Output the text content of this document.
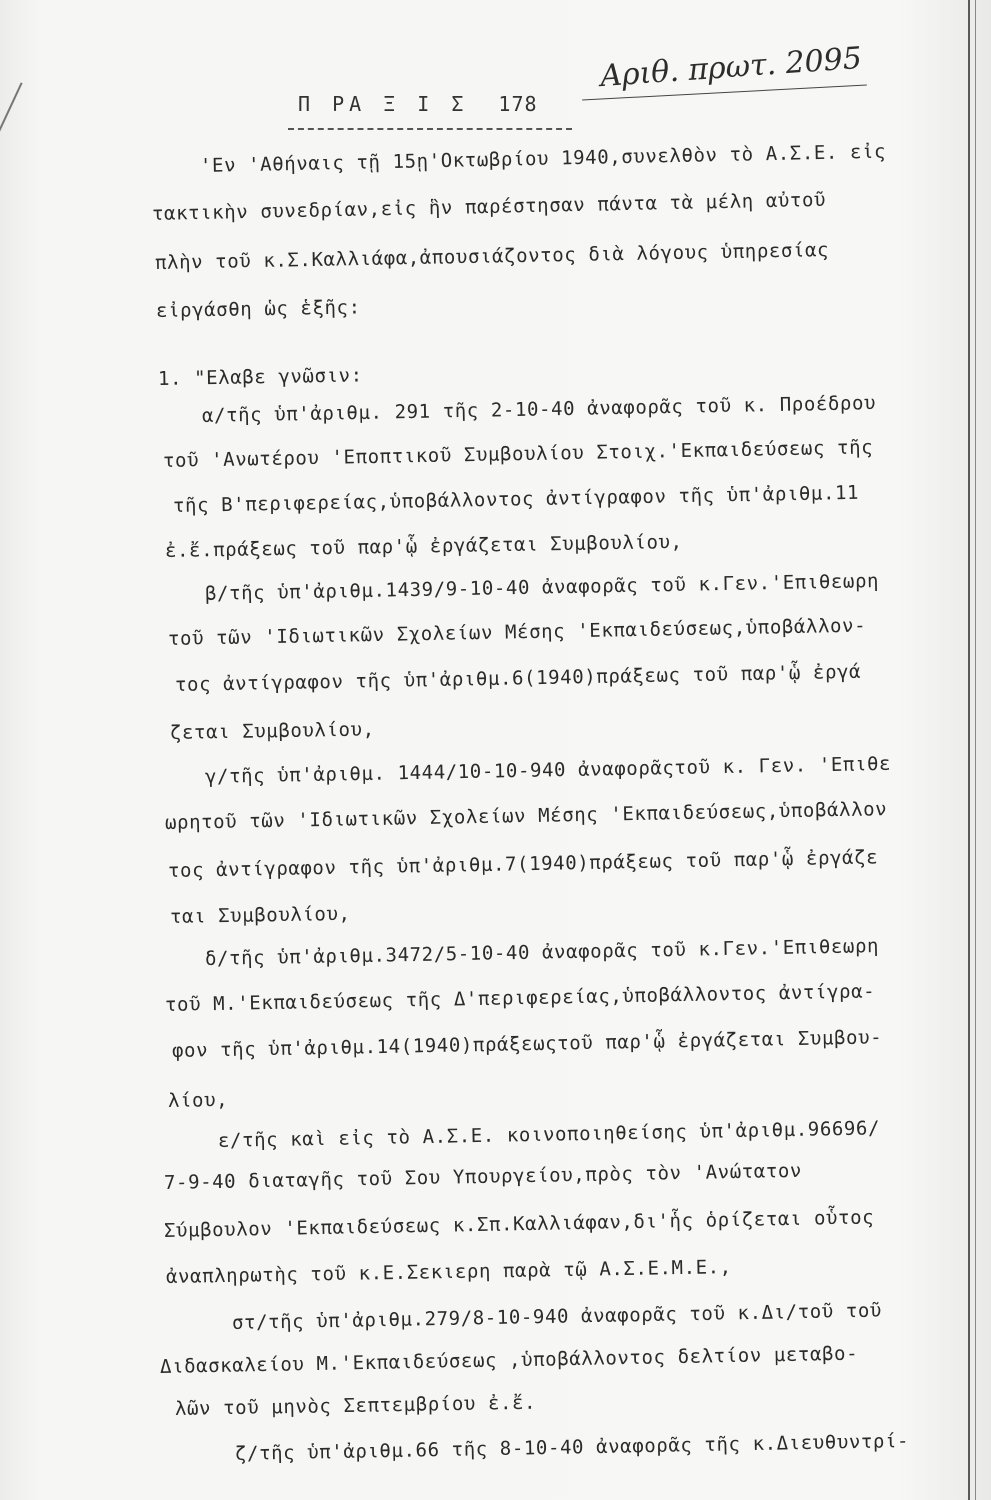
Π ΡΑ Ξ Ι Σ 178
Αριθ. πρωτ. 2095
'Εν 'Αθήναις τῇ 15ῃ'Οκτωβρίου 1940,συνελθὸν τὸ Α.Σ.Ε. εἰς
τακτικὴν συνεδρίαν,εἰς ἣν παρέστησαν πάντα τὰ μέλη αὐτοῦ
πλὴν τοῦ κ.Σ.Καλλιάφα,ἀπουσιάζοντος διὰ λόγους ὑπηρεσίας
εἰργάσθη ὡς ἑξῆς:
1. "Ελαβε γνῶσιν:
α/τῆς ὑπ'ἀριθμ. 291 τῆς 2-10-40 ἀναφορᾶς τοῦ κ. Προέδρου
τοῦ 'Ανωτέρου 'Εποπτικοῦ Συμβουλίου Στοιχ.'Εκπαιδεύσεως τῆς
τῆς Β'περιφερείας,ὑποβάλλοντος ἀντίγραφον τῆς ὑπ'ἀριθμ.11
ἐ.ἔ.πράξεως τοῦ παρ'ᾧ ἐργάζεται Συμβουλίου,
β/τῆς ὑπ'ἀριθμ.1439/9-10-40 ἀναφορᾶς τοῦ κ.Γεν.'Επιθεωρη
τοῦ τῶν 'Ιδιωτικῶν Σχολείων Μέσης 'Εκπαιδεύσεως,ὑποβάλλον-
τος ἀντίγραφον τῆς ὑπ'ἀριθμ.6(1940)πράξεως τοῦ παρ'ᾧ ἐργά
ζεται Συμβουλίου,
γ/τῆς ὑπ'ἀριθμ. 1444/10-10-940 ἀναφορᾶςτοῦ κ. Γεν. 'Επιθε
ωρητοῦ τῶν 'Ιδιωτικῶν Σχολείων Μέσης 'Εκπαιδεύσεως,ὑποβάλλον
τος ἀντίγραφον τῆς ὑπ'ἀριθμ.7(1940)πράξεως τοῦ παρ'ᾧ ἐργάζε
ται Συμβουλίου,
δ/τῆς ὑπ'ἀριθμ.3472/5-10-40 ἀναφορᾶς τοῦ κ.Γεν.'Επιθεωρη
τοῦ Μ.'Εκπαιδεύσεως τῆς Δ'περιφερείας,ὑποβάλλοντος ἀντίγρα-
φον τῆς ὑπ'ἀριθμ.14(1940)πράξεωςτοῦ παρ'ᾧ ἐργάζεται Συμβου-
λίου,
ε/τῆς καὶ εἰς τὸ Α.Σ.Ε. κοινοποιηθείσης ὑπ'ἀριθμ.96696/
7-9-40 διαταγῆς τοῦ Σου Υπουργείου,πρὸς τὸν 'Ανώτατον
Σύμβουλον 'Εκπαιδεύσεως κ.Σπ.Καλλιάφαν,δι'ἧς ὁρίζεται οὗτος
ἀναπληρωτὴς τοῦ κ.Ε.Σεκιερη παρὰ τῷ Α.Σ.Ε.Μ.Ε.,
στ/τῆς ὑπ'ἀριθμ.279/8-10-940 ἀναφορᾶς τοῦ κ.Δι/τοῦ τοῦ
Διδασκαλείου Μ.'Εκπαιδεύσεως ,ὑποβάλλοντος δελτίον μεταβο-
λῶν τοῦ μηνὸς Σεπτεμβρίου ἐ.ἔ.
ζ/τῆς ὑπ'ἀριθμ.66 τῆς 8-10-40 ἀναφορᾶς τῆς κ.Διευθυντρί-
